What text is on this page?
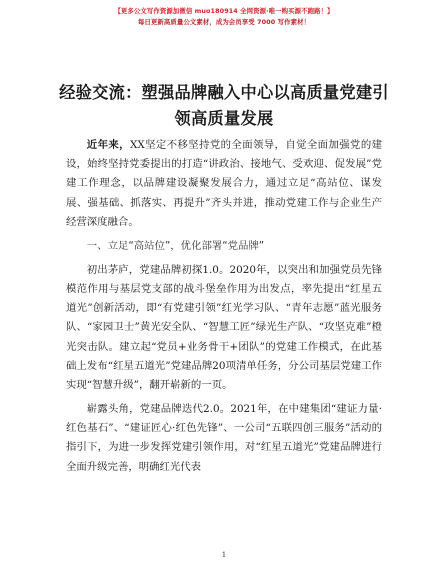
【更多公文写作资源加微信 muo180914 全网资源·唯一购买源不跑路！】
每日更新高质量公文素材，成为会员享受 7000 写作素材！
经验交流：塑强品牌融入中心以高质量党建引
领高质量发展

近年来，XX坚定不移坚持党的全面领导，自觉全面加强党的建设，始终坚持党委提出的打造“讲政治、接地气、受欢迎、促发展”党建工作理念，以品牌建设凝聚发展合力，通过立足“高站位、谋发展、强基础、抓落实、再提升”齐头并进，推动党建工作与企业生产经营深度融合。

一、立足“高站位”，优化部署“党品牌”

初出茅庐，党建品牌初探1.0。2020年，以突出和加强党员先锋模范作用与基层党支部的战斗堡垒作用为出发点，率先提出“红星五道光”创新活动，即“有党建引领”红光学习队、“青年志愿”蓝光服务队、“家园卫士”黄光安全队、“智慧工匠”绿光生产队、“攻坚克难”橙光突击队。建立起“党员+业务骨干+团队”的党建工作模式，在此基础上发布“红星五道光”党建品牌20项清单任务，分公司基层党建工作实现“智慧升级”，翻开崭新的一页。

崭露头角，党建品牌迭代2.0。2021年，在中建集团“建证力量·红色基石”、“建证匠心·红色先锋”、一公司“五联四创三服务”活动的指引下，为进一步发挥党建引领作用，对“红星五道光”党建品牌进行全面升级完善，明确红光代表

1
